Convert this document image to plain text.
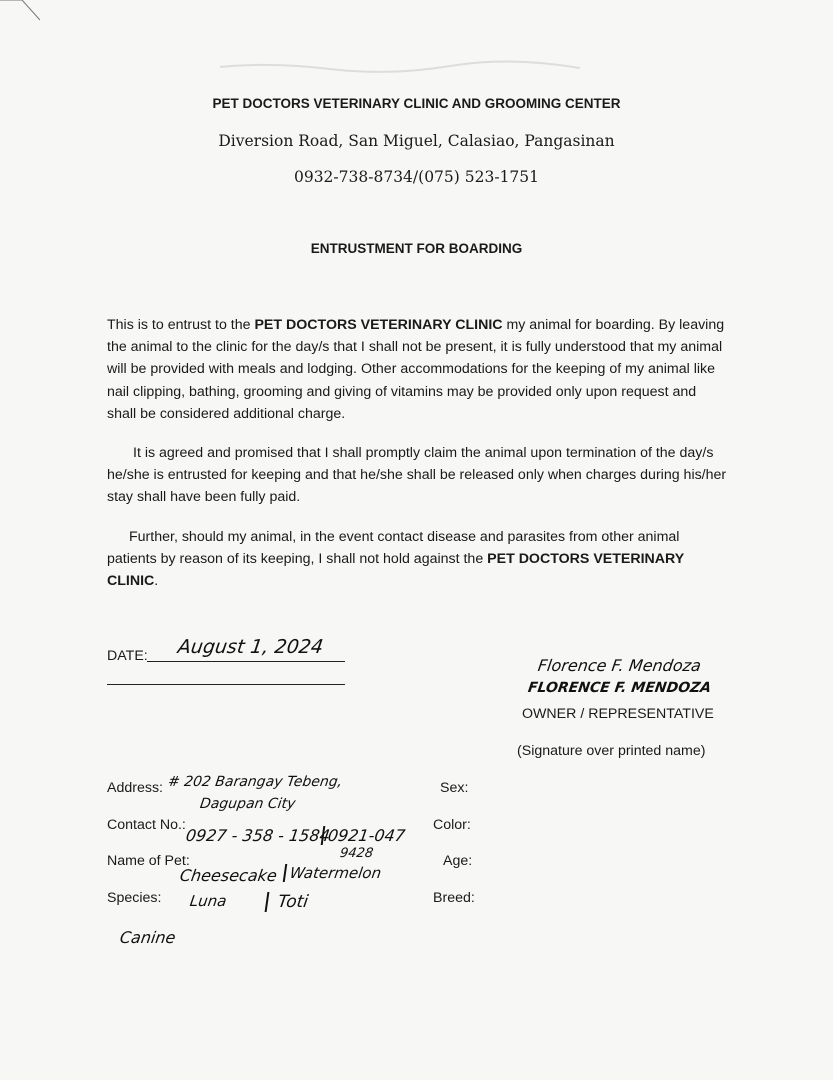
PET DOCTORS VETERINARY CLINIC AND GROOMING CENTER
Diversion Road, San Miguel, Calasiao, Pangasinan
0932-738-8734/(075) 523-1751
ENTRUSTMENT FOR BOARDING
This is to entrust to the PET DOCTORS VETERINARY CLINIC my animal for boarding. By leaving the animal to the clinic for the day/s that I shall not be present, it is fully understood that my animal will be provided with meals and lodging. Other accommodations for the keeping of my animal like nail clipping, bathing, grooming and giving of vitamins may be provided only upon request and shall be considered additional charge.
It is agreed and promised that I shall promptly claim the animal upon termination of the day/s he/she is entrusted for keeping and that he/she shall be released only when charges during his/her stay shall have been fully paid.
Further, should my animal, in the event contact disease and parasites from other animal patients by reason of its keeping, I shall not hold against the PET DOCTORS VETERINARY CLINIC.
DATE: August 1, 2024
Florence F. Mendoza
FLORENCE F. MENDOZA
OWNER / REPRESENTATIVE
(Signature over printed name)
Address: # 202 Barangay Tebeng,
Dagupan City
Contact No.:
0927 - 358 - 1584
0921-047
9428
Name of Pet:
Cheesecake Watermelon
Species: Luna	Toti
Canine
Sex:
Color:
Age:
Breed:
